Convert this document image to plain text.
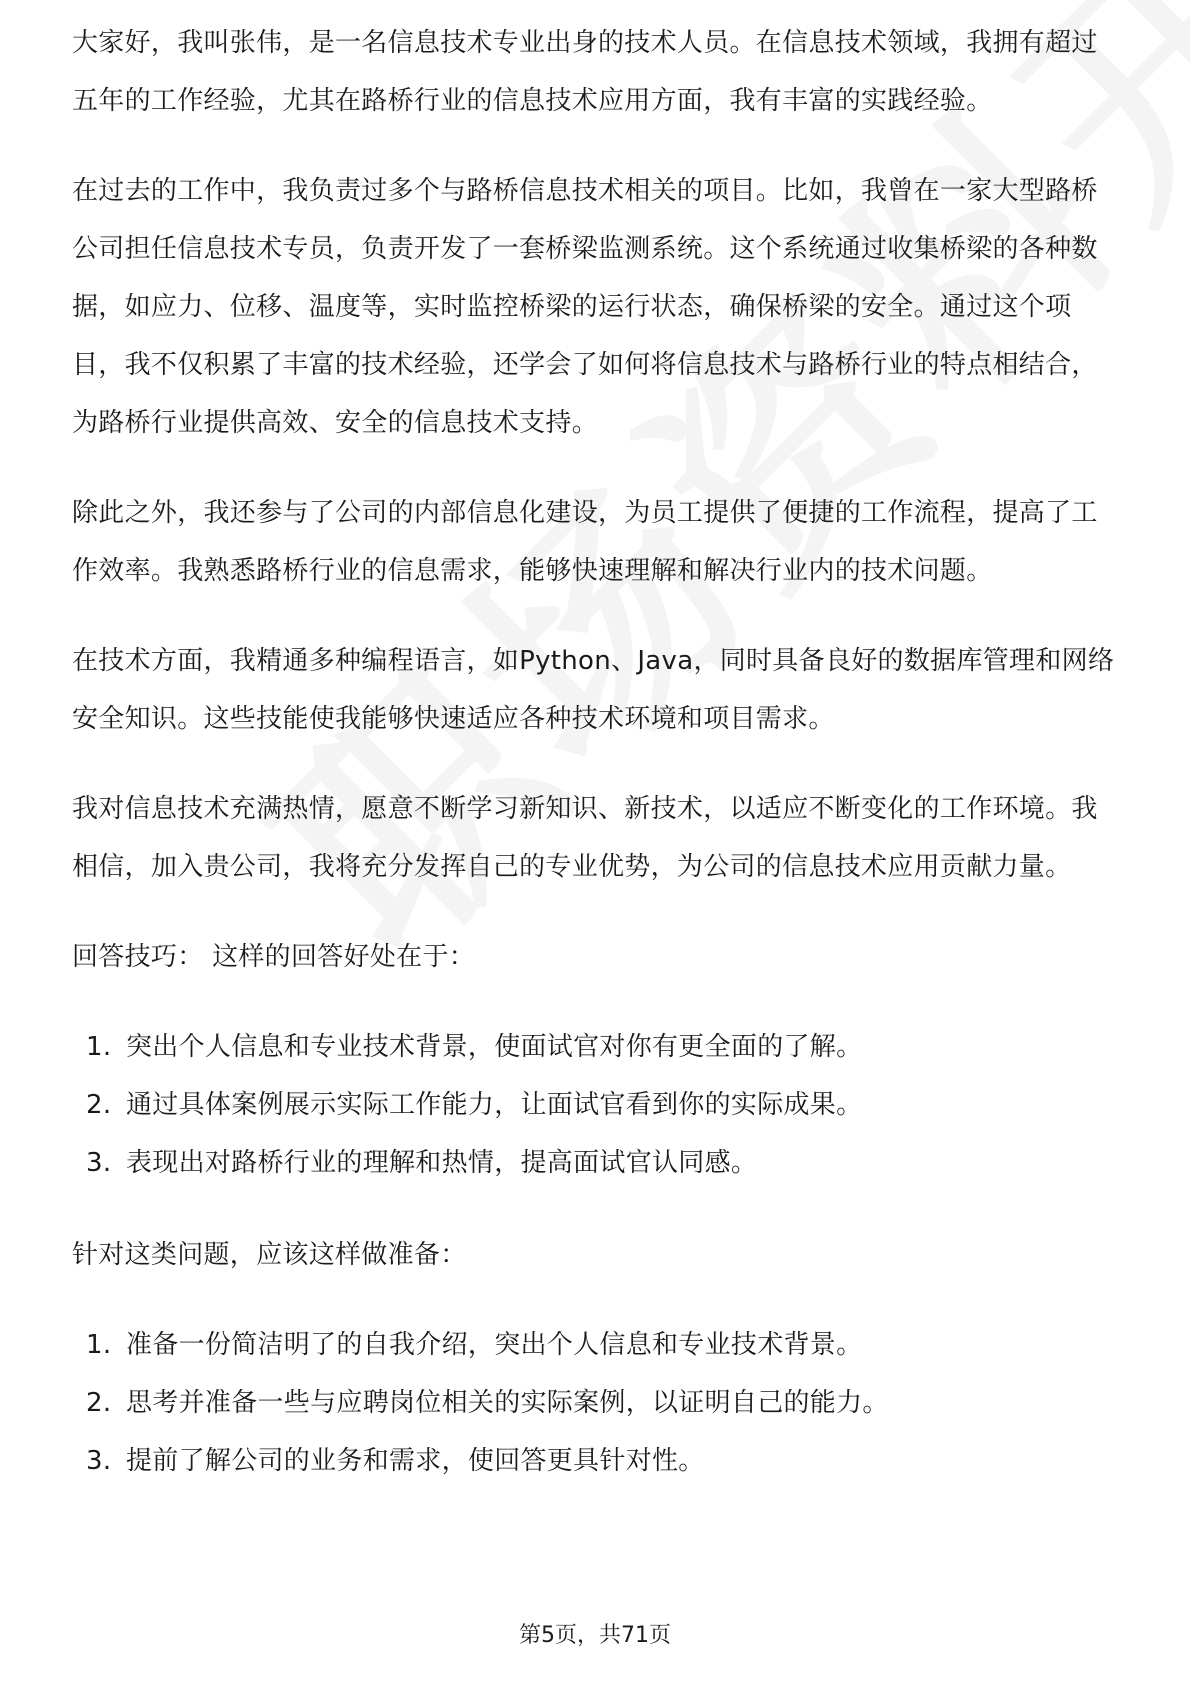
大家好，我叫张伟，是一名信息技术专业出身的技术人员。在信息技术领域，我拥有超过五年的工作经验，尤其在路桥行业的信息技术应用方面，我有丰富的实践经验。

在过去的工作中，我负责过多个与路桥信息技术相关的项目。比如，我曾在一家大型路桥公司担任信息技术专员，负责开发了一套桥梁监测系统。这个系统通过收集桥梁的各种数据，如应力、位移、温度等，实时监控桥梁的运行状态，确保桥梁的安全。通过这个项目，我不仅积累了丰富的技术经验，还学会了如何将信息技术与路桥行业的特点相结合，为路桥行业提供高效、安全的信息技术支持。

除此之外，我还参与了公司的内部信息化建设，为员工提供了便捷的工作流程，提高了工作效率。我熟悉路桥行业的信息需求，能够快速理解和解决行业内的技术问题。

在技术方面，我精通多种编程语言，如Python、Java，同时具备良好的数据库管理和网络安全知识。这些技能使我能够快速适应各种技术环境和项目需求。

我对信息技术充满热情，愿意不断学习新知识、新技术，以适应不断变化的工作环境。我相信，加入贵公司，我将充分发挥自己的专业优势，为公司的信息技术应用贡献力量。

回答技巧： 这样的回答好处在于：

1. 突出个人信息和专业技术背景，使面试官对你有更全面的了解。
2. 通过具体案例展示实际工作能力，让面试官看到你的实际成果。
3. 表现出对路桥行业的理解和热情，提高面试官认同感。

针对这类问题，应该这样做准备：

1. 准备一份简洁明了的自我介绍，突出个人信息和专业技术背景。
2. 思考并准备一些与应聘岗位相关的实际案例，以证明自己的能力。
3. 提前了解公司的业务和需求，使回答更具针对性。
第5页，共71页
